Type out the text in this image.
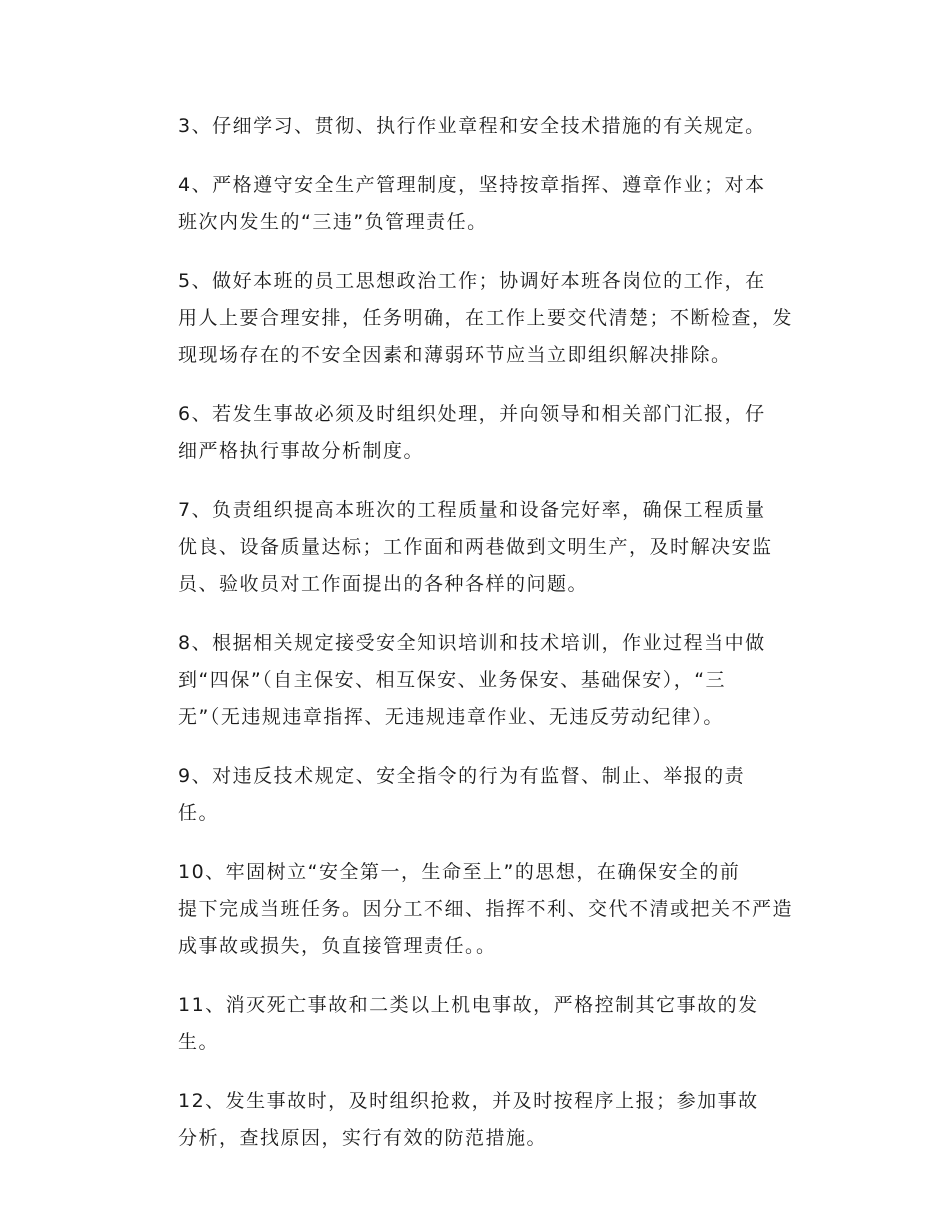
3、仔细学习、贯彻、执行作业章程和安全技术措施的有关规定。

4、严格遵守安全生产管理制度，坚持按章指挥、遵章作业；对本
班次内发生的“三违”负管理责任。

5、做好本班的员工思想政治工作；协调好本班各岗位的工作，在
用人上要合理安排，任务明确，在工作上要交代清楚；不断检查，发
现现场存在的不安全因素和薄弱环节应当立即组织解决排除。

6、若发生事故必须及时组织处理，并向领导和相关部门汇报，仔
细严格执行事故分析制度。

7、负责组织提高本班次的工程质量和设备完好率，确保工程质量
优良、设备质量达标；工作面和两巷做到文明生产，及时解决安监
员、验收员对工作面提出的各种各样的问题。

8、根据相关规定接受安全知识培训和技术培训，作业过程当中做
到“四保”（自主保安、相互保安、业务保安、基础保安），“三
无”（无违规违章指挥、无违规违章作业、无违反劳动纪律）。

9、对违反技术规定、安全指令的行为有监督、制止、举报的责
任。

10、牢固树立“安全第一，生命至上”的思想，在确保安全的前
提下完成当班任务。因分工不细、指挥不利、交代不清或把关不严造
成事故或损失，负直接管理责任。。

11、消灭死亡事故和二类以上机电事故，严格控制其它事故的发
生。

12、发生事故时，及时组织抢救，并及时按程序上报；参加事故
分析，查找原因，实行有效的防范措施。
